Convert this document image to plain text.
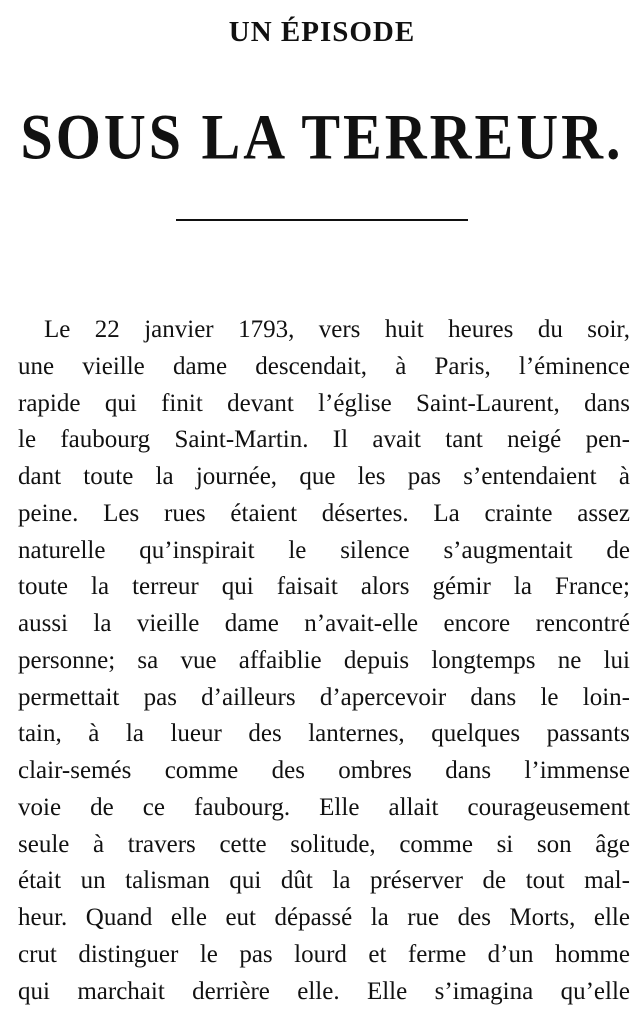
UN ÉPISODE
SOUS LA TERREUR.
Le 22 janvier 1793, vers huit heures du soir,
une vieille dame descendait, à Paris, l’éminence
rapide qui finit devant l’église Saint-Laurent, dans
le faubourg Saint-Martin. Il avait tant neigé pen-
dant toute la journée, que les pas s’entendaient à
peine. Les rues étaient désertes. La crainte assez
naturelle qu’inspirait le silence s’augmentait de
toute la terreur qui faisait alors gémir la France;
aussi la vieille dame n’avait-elle encore rencontré
personne; sa vue affaiblie depuis longtemps ne lui
permettait pas d’ailleurs d’apercevoir dans le loin-
tain, à la lueur des lanternes, quelques passants
clair-semés comme des ombres dans l’immense
voie de ce faubourg. Elle allait courageusement
seule à travers cette solitude, comme si son âge
était un talisman qui dût la préserver de tout mal-
heur. Quand elle eut dépassé la rue des Morts, elle
crut distinguer le pas lourd et ferme d’un homme
qui marchait derrière elle. Elle s’imagina qu’elle
